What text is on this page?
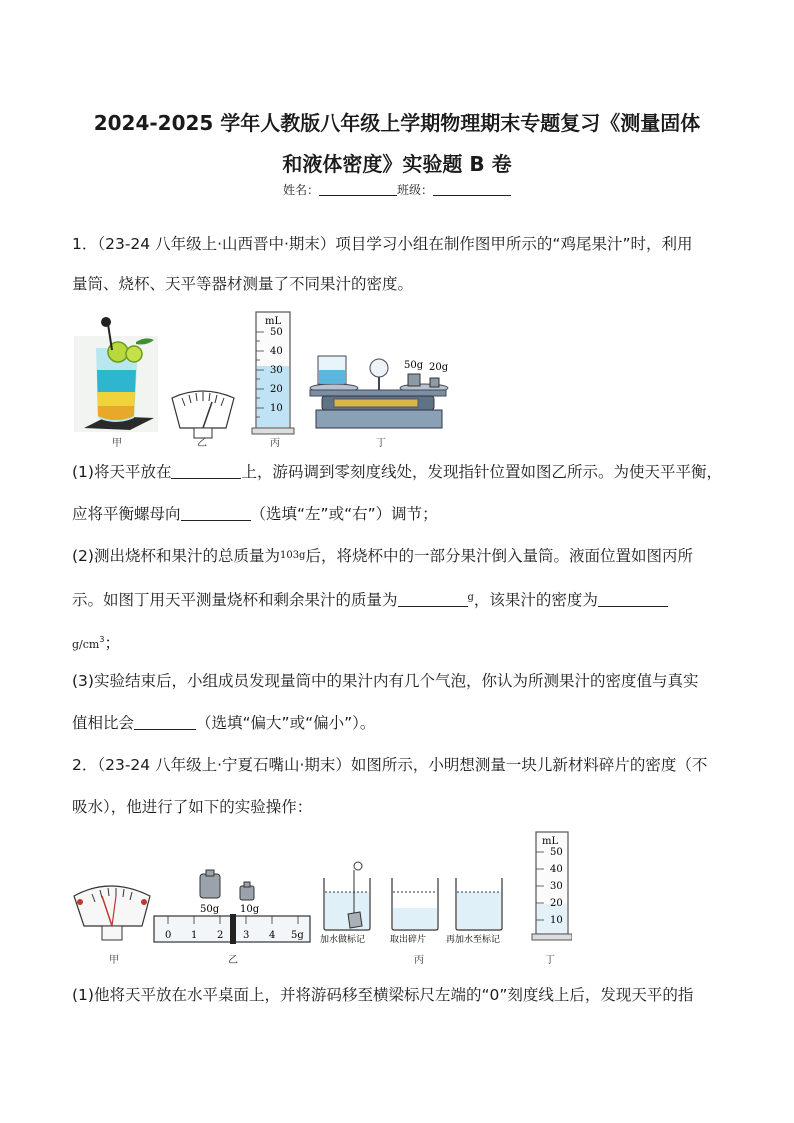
2024-2025 学年人教版八年级上学期物理期末专题复习《测量固体
和液体密度》实验题 B 卷
姓名：	班级：
1．（23-24 八年级上·山西晋中·期末）项目学习小组在制作图甲所示的“鸡尾果汁”时，利用
量筒、烧杯、天平等器材测量了不同果汁的密度。
mL
50
40
30
20
10
50g 20g
甲	乙	丙	丁
(1)将天平放在	上，游码调到零刻度线处，发现指针位置如图乙所示。为使天平平衡，
应将平衡螺母向	（选填“左”或“右”）调节；
(2)测出烧杯和果汁的总质量为103g后，将烧杯中的一部分果汁倒入量筒。液面位置如图丙所
示。如图丁用天平测量烧杯和剩余果汁的质量为	$^g$，该果汁的密度为
$g/cm^3$；
(3)实验结束后，小组成员发现量筒中的果汁内有几个气泡，你认为所测果汁的密度值与真实
值相比会	（选填“偏大”或“偏小”）。
2．（23-24 八年级上·宁夏石嘴山·期末）如图所示，小明想测量一块儿新材料碎片的密度（不
吸水），他进行了如下的实验操作：
50g 10g
0 1 2 3 4 5g 加水做标记	取出碎片 再加水至标记
mL
50
40
30
20
10
甲	乙	丙	丁
(1)他将天平放在水平桌面上，并将游码移至横梁标尺左端的“0”刻度线上后，发现天平的指
